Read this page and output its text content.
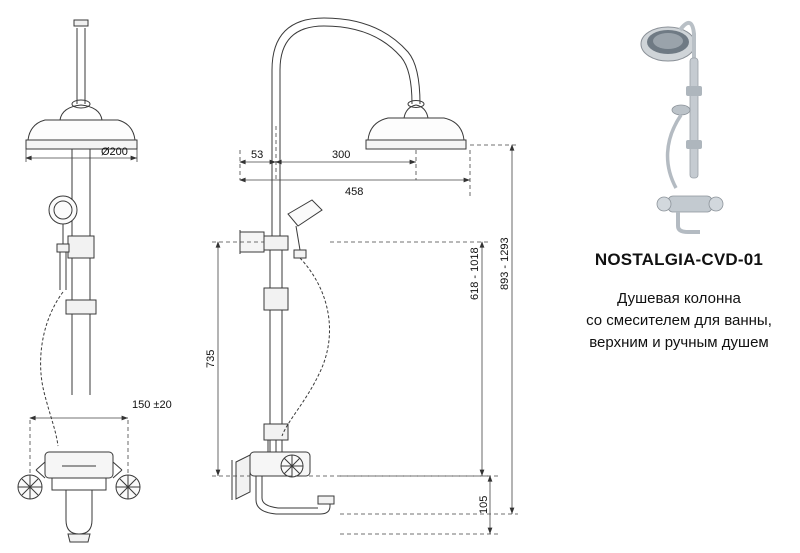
Ø200
150 ±20
53	300
458
893 - 1293
618 - 1018
735
105
NOSTALGIA-CVD-01
Душевая колонна
со смесителем для ванны,
верхним и ручным душем
